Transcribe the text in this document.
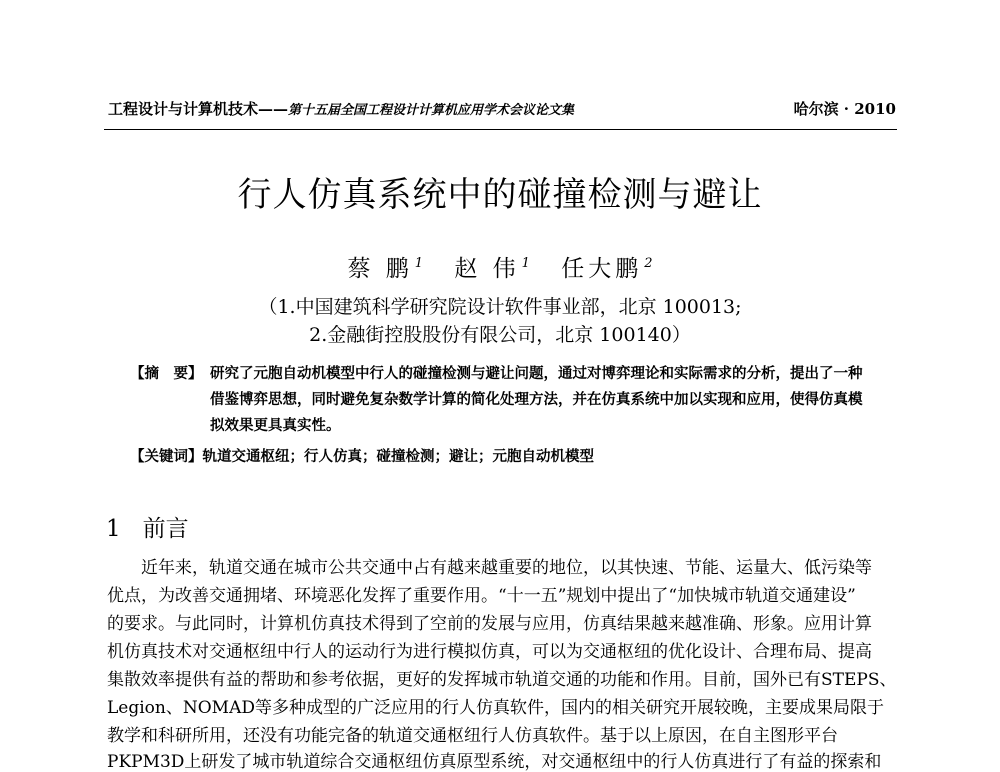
工程设计与计算机技术——第十五届全国工程设计计算机应用学术会议论文集	哈尔滨 · 2010
行人仿真系统中的碰撞检测与避让
蔡 鹏 $^1$ 赵 伟 $^1$ 任大鹏 $^2$
（1.中国建筑科学研究院设计软件事业部，北京 100013;
2.金融街控股股份有限公司，北京 100140）
【摘　要】 研究了元胞自动机模型中行人的碰撞检测与避让问题，通过对博弈理论和实际需求的分析，提出了一种
借鉴博弈思想，同时避免复杂数学计算的简化处理方法，并在仿真系统中加以实现和应用，使得仿真模
拟效果更具真实性。
【关键词】轨道交通枢纽；行人仿真；碰撞检测；避让；元胞自动机模型
1 前言
近年来，轨道交通在城市公共交通中占有越来越重要的地位，以其快速、节能、运量大、低污染等
优点，为改善交通拥堵、环境恶化发挥了重要作用。“十一五”规划中提出了“加快城市轨道交通建设”
的要求。与此同时，计算机仿真技术得到了空前的发展与应用，仿真结果越来越准确、形象。应用计算
机仿真技术对交通枢纽中行人的运动行为进行模拟仿真，可以为交通枢纽的优化设计、合理布局、提高
集散效率提供有益的帮助和参考依据，更好的发挥城市轨道交通的功能和作用。目前，国外已有STEPS、
Legion、NOMAD等多种成型的广泛应用的行人仿真软件，国内的相关研究开展较晚，主要成果局限于
教学和科研所用，还没有功能完备的轨道交通枢纽行人仿真软件。基于以上原因，在自主图形平台
PKPM3D上研发了城市轨道综合交通枢纽仿真原型系统，对交通枢纽中的行人仿真进行了有益的探索和
